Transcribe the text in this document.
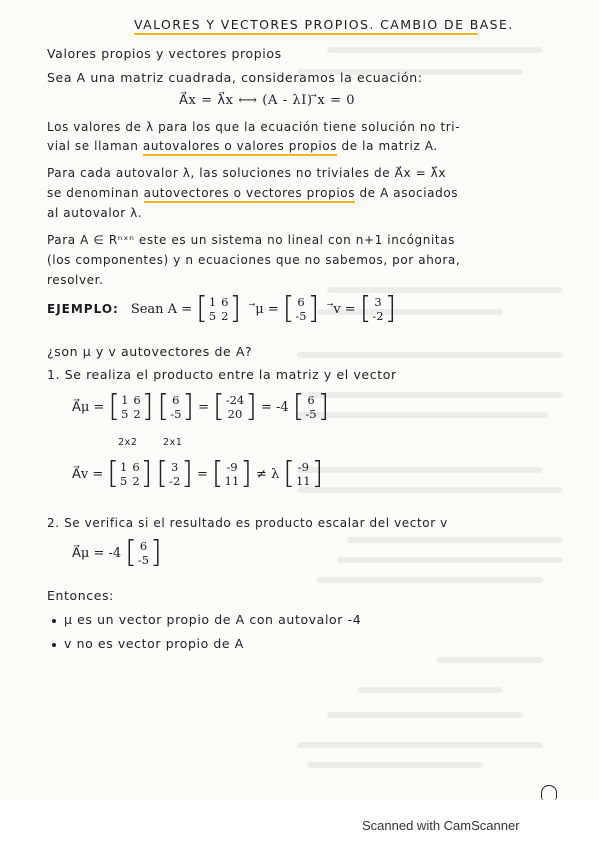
VALORES Y VECTORES PROPIOS. CAMBIO DE BASE.
Valores propios y vectores propios
Sea A una matriz cuadrada, consideramos la ecuación:
A⃗x = λ⃗x ⟷ (A - λI) ⃗x = 0
Los valores de λ para los que la ecuación tiene solución no tri-
vial se llaman autovalores o valores propios de la matriz A.
Para cada autovalor λ, las soluciones no triviales de A⃗x = λ⃗x
se denominan autovectores o vectores propios de A asociados
al autovalor λ.
Para A ∈ Rⁿˣⁿ este es un sistema no lineal con n+1 incógnitas
(los componentes) y n ecuaciones que no sabemos, por ahora,
resolver.
EJEMPLO: Sean A = [ 1 6
5 2 ] ⃗μ = [ 6
-5 ] ⃗v = [ 3
-2 ]
¿son μ y v autovectores de A?
1. Se realiza el producto entre la matriz y el vector
A⃗μ = [ 1 6
5 2 ] [ 6
-5 ] = [ -24
20 ] = -4 [ 6
-5 ]
2x2	2x1
A⃗v = [ 1 6
5 2 ] [ 3
-2 ] = [ -9
11 ] ≠ λ [ -9
11 ]
2. Se verifica si el resultado es producto escalar del vector v
A⃗μ = -4 [ 6
-5 ]
Entonces:
μ es un vector propio de A con autovalor -4
v no es vector propio de A
Scanned with CamScanner
